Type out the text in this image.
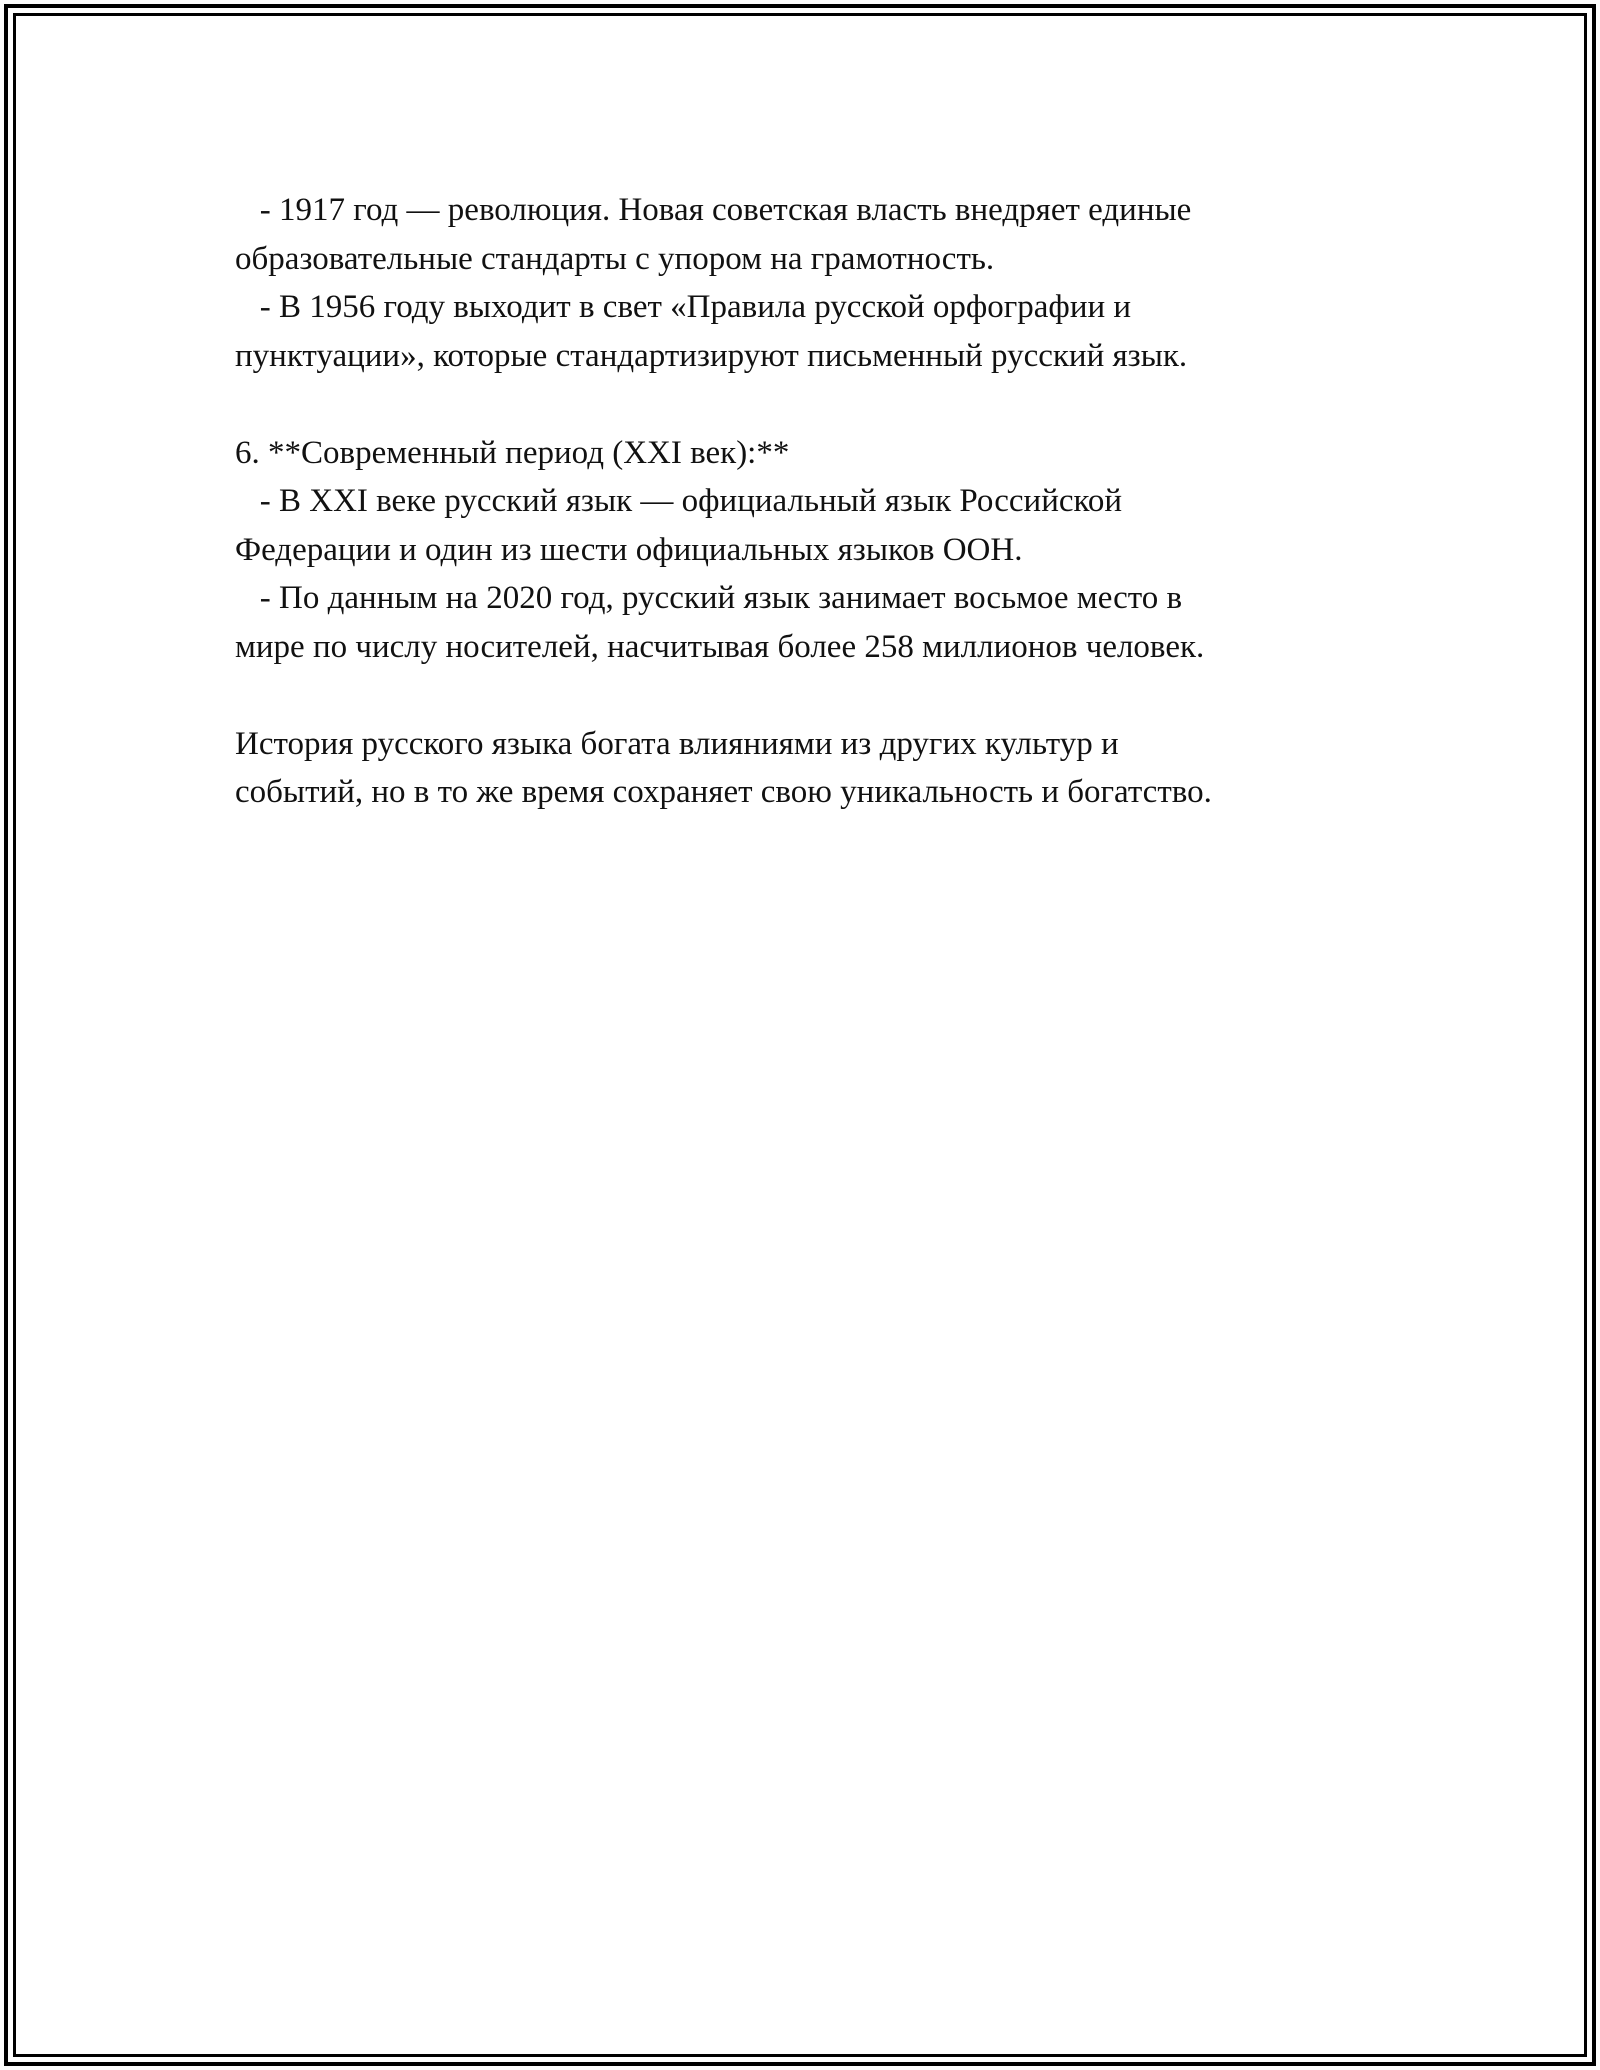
- 1917 год — революция. Новая советская власть внедряет единые
образовательные стандарты с упором на грамотность.
- В 1956 году выходит в свет «Правила русской орфографии и
пунктуации», которые стандартизируют письменный русский язык.
6. **Современный период (XXI век):**
- В XXI веке русский язык — официальный язык Российской
Федерации и один из шести официальных языков ООН.
- По данным на 2020 год, русский язык занимает восьмое место в
мире по числу носителей, насчитывая более 258 миллионов человек.
История русского языка богата влияниями из других культур и
событий, но в то же время сохраняет свою уникальность и богатство.
